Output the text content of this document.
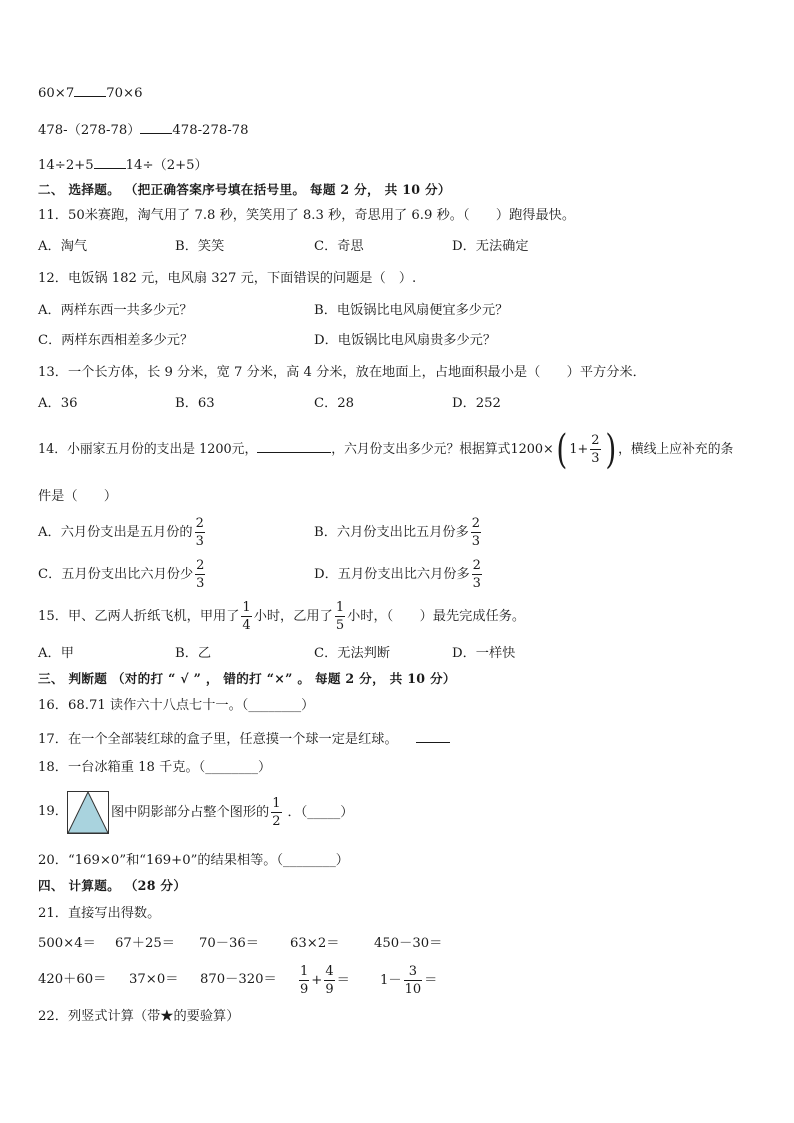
60×7 70×6
478-（278-78） 478-278-78
14÷2+5 14÷（2+5）
二、 选择题。 （把正确答案序号填在括号里。 每题 2 分， 共 10 分）
11．50米赛跑，淘气用了 7.8 秒，笑笑用了 8.3 秒，奇思用了 6.9 秒。（　　）跑得最快。
A．淘气	B．笑笑	C．奇思	D．无法确定
12．电饭锅 182 元，电风扇 327 元，下面错误的问题是（　）.
A．两样东西一共多少元？	B．电饭锅比电风扇便宜多少元？
C．两样东西相差多少元？	D．电饭锅比电风扇贵多少元？
13．一个长方体，长 9 分米，宽 7 分米，高 4 分米，放在地面上，占地面积最小是（　　）平方分米．
A．36	B．63	C．28	D．252
14．小丽家五月份的支出是 1200元，	，六月份支出多少元？根据算式1200×( $1+ \frac{2}{3}$ ) ，横线上应补充的条
件是（　　）
A．六月份支出是五月份的 $\frac{2}{3}$	B．六月份支出比五月份多 $\frac{2}{3}$
C．五月份支出比六月份少 $\frac{2}{3}$	D．五月份支出比六月份多 $\frac{2}{3}$
15．甲、乙两人折纸飞机，甲用了 $\frac{1}{4}$ 小时，乙用了 $\frac{1}{5}$ 小时，（　　）最先完成任务。
A．甲	B．乙	C．无法判断	D．一样快
三、 判断题 （对的打 “ √ ” ， 错的打 “×” 。 每题 2 分， 共 10 分）
16．68.71 读作六十八点七十一。（________）
17．在一个全部装红球的盒子里，任意摸一个球一定是红球。
18．一台冰箱重 18 千克。（________）
19．	图中阴影部分占整个图形的 $\frac{1}{2}$ ．（_____）
20．“169×0”和“169+0”的结果相等。（________）
四、 计算题。 （28 分）
21．直接写出得数。
500×4＝ 67＋25＝ 70－36＝ 63×2＝	450－30＝
$420+60= 37\times 0= 870-320= \frac{1}{9} + \frac{4}{9} = 1- \frac{3}{10}$ ＝
22．列竖式计算（带★的要验算）
